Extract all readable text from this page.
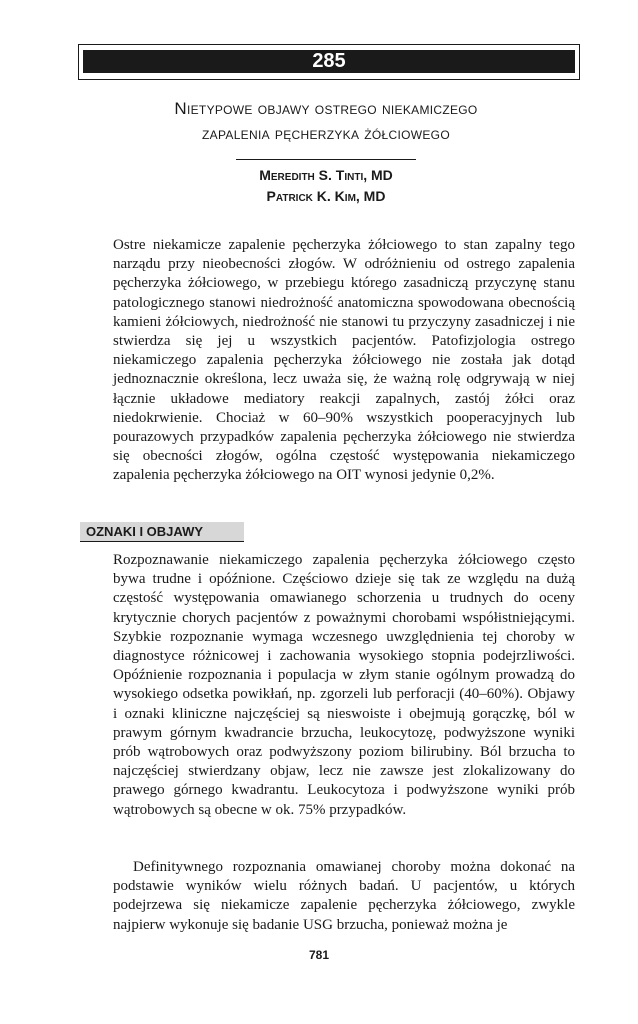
285
Nietypowe objawy ostrego niekamiczego
zapalenia pęcherzyka żółciowego
Meredith S. Tinti, MD
Patrick K. Kim, MD

Ostre niekamicze zapalenie pęcherzyka żółciowego to stan zapalny tego narządu przy nieobecności złogów. W odróżnieniu od ostrego zapalenia pęcherzyka żółciowego, w przebiegu którego zasadniczą przyczynę stanu patologicznego stanowi niedrożność anatomiczna spowodowana obecnością kamieni żółciowych, niedrożność nie stanowi tu przyczyny zasadniczej i nie stwierdza się jej u wszystkich pacjentów. Patofizjologia ostrego niekamiczego zapalenia pęcherzyka żółciowego nie została jak dotąd jednoznacznie określona, lecz uważa się, że ważną rolę odgrywają w niej łącznie układowe mediatory reakcji zapalnych, zastój żółci oraz niedokrwienie. Chociaż w 60–90% wszystkich pooperacyjnych lub pourazowych przypadków zapalenia pęcherzyka żółciowego nie stwierdza się obecności złogów, ogólna częstość występowania niekamiczego zapalenia pęcherzyka żółciowego na OIT wynosi jedynie 0,2%.

OZNAKI I OBJAWY

Rozpoznawanie niekamiczego zapalenia pęcherzyka żółciowego często bywa trudne i opóźnione. Częściowo dzieje się tak ze względu na dużą częstość występowania omawianego schorzenia u trudnych do oceny krytycznie chorych pacjentów z poważnymi chorobami współistniejącymi. Szybkie rozpoznanie wymaga wczesnego uwzględnienia tej choroby w diagnostyce różnicowej i zachowania wysokiego stopnia podejrzliwości. Opóźnienie rozpoznania i populacja w złym stanie ogólnym prowadzą do wysokiego odsetka powikłań, np. zgorzeli lub perforacji (40–60%). Objawy i oznaki kliniczne najczęściej są nieswoiste i obejmują gorączkę, ból w prawym górnym kwadrancie brzucha, leukocytozę, podwyższone wyniki prób wątrobowych oraz podwyższony poziom bilirubiny. Ból brzucha to najczęściej stwierdzany objaw, lecz nie zawsze jest zlokalizowany do prawego górnego kwadrantu. Leukocytoza i podwyższone wyniki prób wątrobowych są obecne w ok. 75% przypadków.

Definitywnego rozpoznania omawianej choroby można dokonać na podstawie wyników wielu różnych badań. U pacjentów, u których podejrzewa się niekamicze zapalenie pęcherzyka żółciowego, zwykle najpierw wykonuje się badanie USG brzucha, ponieważ można je

781
